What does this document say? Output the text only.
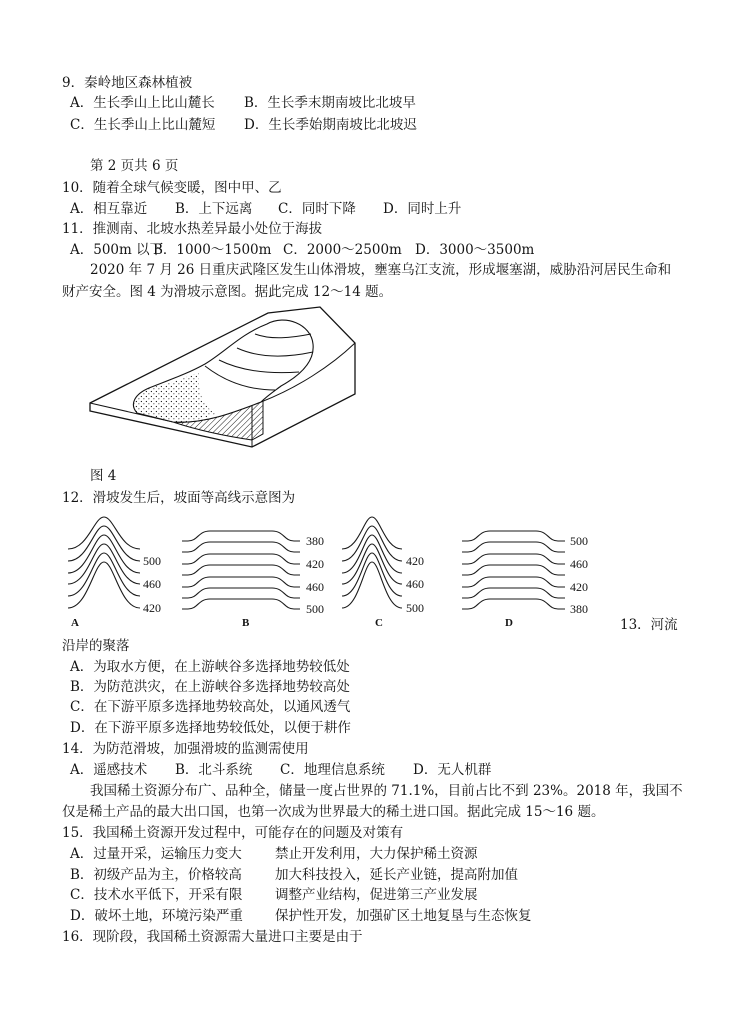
9．秦岭地区森林植被
A．生长季山上比山麓长 B．生长季末期南坡比北坡早
C．生长季山上比山麓短 D．生长季始期南坡比北坡迟
第 2 页共 6 页
10．随着全球气候变暖，图中甲、乙
A．相互靠近 B．上下远离 C．同时下降 D．同时上升
11．推测南、北坡水热差异最小处位于海拔
A．500m 以下
B．1000～1500m C．2000～2500m D．3000～3500m
2020 年 7 月 26 日重庆武隆区发生山体滑坡，壅塞乌江支流，形成堰塞湖，威胁沿河居民生命和
财产安全。图 4 为滑坡示意图。据此完成 12～14 题。
图 4
12．滑坡发生后，坡面等高线示意图为
500
460
420
A
380
420
460
500
B
420
460
500
C
500
460
420
380
D	13．河流
沿岸的聚落
A．为取水方便，在上游峡谷多选择地势较低处
B．为防范洪灾，在上游峡谷多选择地势较高处
C．在下游平原多选择地势较高处，以通风透气
D．在下游平原多选择地势较低处，以便于耕作
14．为防范滑坡，加强滑坡的监测需使用
A．遥感技术 B．北斗系统 C．地理信息系统 D．无人机群
我国稀土资源分布广、品种全，储量一度占世界的 71.1%，目前占比不到 23%。2018 年，我国不
仅是稀土产品的最大出口国，也第一次成为世界最大的稀土进口国。据此完成 15～16 题。
15．我国稀土资源开发过程中，可能存在的问题及对策有
A．过量开采，运输压力变大 禁止开发利用，大力保护稀土资源
B．初级产品为主，价格较高 加大科技投入，延长产业链，提高附加值
C．技术水平低下，开采有限 调整产业结构，促进第三产业发展
D．破坏土地，环境污染严重 保护性开发，加强矿区土地复垦与生态恢复
16．现阶段，我国稀土资源需大量进口主要是由于
